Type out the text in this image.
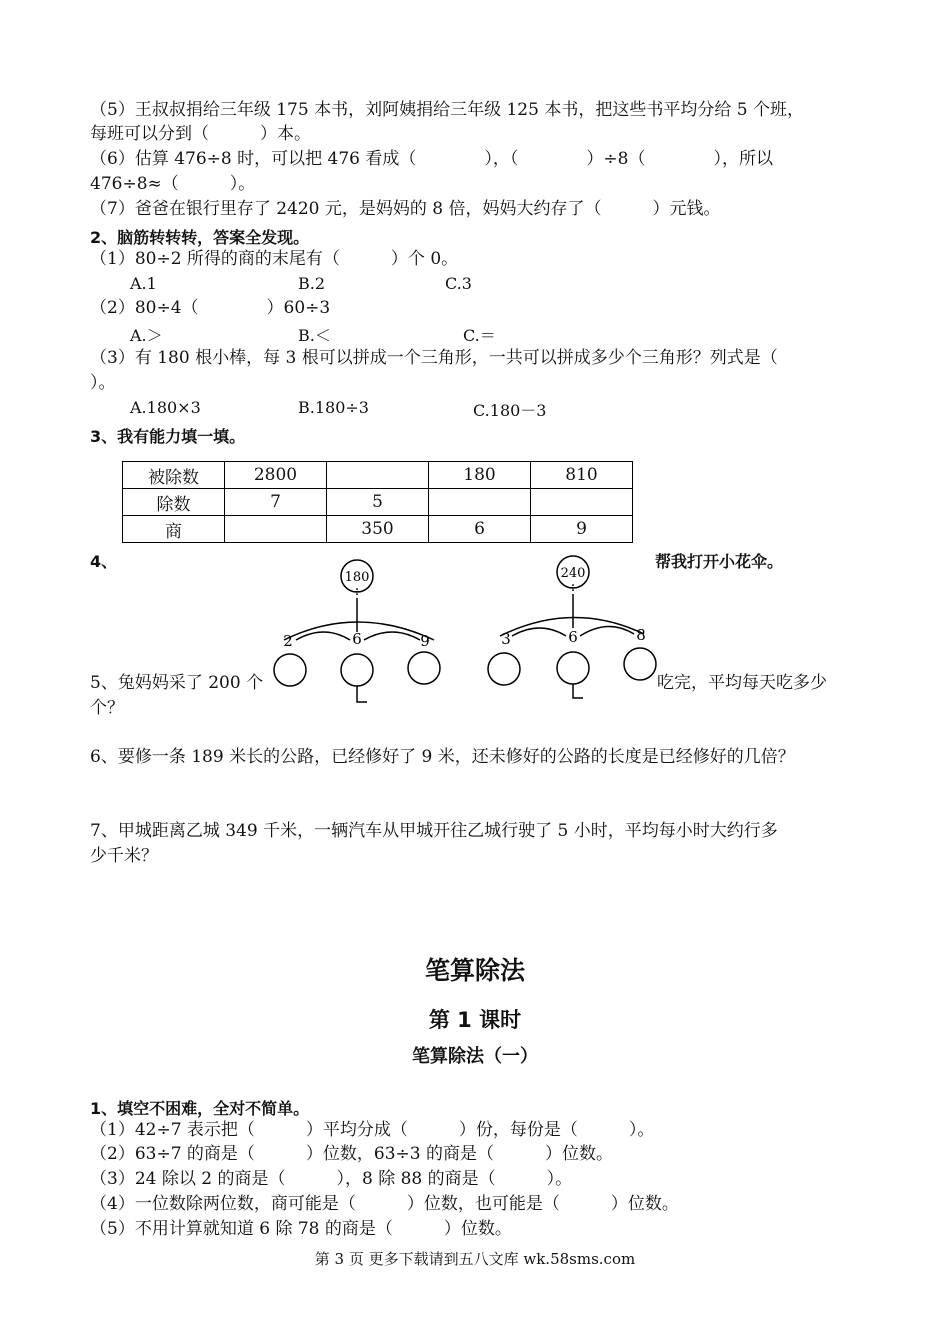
（5）王叔叔捐给三年级 175 本书，刘阿姨捐给三年级 125 本书，把这些书平均分给 5 个班，
每班可以分到（　　　）本。
（6）估算 476÷8 时，可以把 476 看成（　　　　），（　　　　）÷8（　　　　），所以
476÷8≈（　　　）。
（7）爸爸在银行里存了 2420 元，是妈妈的 8 倍，妈妈大约存了（　　　）元钱。
2、脑筋转转转，答案全发现。
（1）80÷2 所得的商的末尾有（　　　）个 0。
A.1	B.2	C.3
（2）80÷4（　　　　）60÷3
A.＞	B.＜	C.＝
（3）有 180 根小棒，每 3 根可以拼成一个三角形，一共可以拼成多少个三角形？列式是（
）。
A.180×3	B.180÷3	C.180－3
3、我有能力填一填。
被除数	2800		180	810
除数	7	5		
商		350	6	9
4、	帮我打开小花伞。
180
÷
2	6	9
240
÷
3	6	8
5、兔妈妈采了 200 个	吃完，平均每天吃多少
个？
6、要修一条 189 米长的公路，已经修好了 9 米，还未修好的公路的长度是已经修好的几倍？
7、甲城距离乙城 349 千米，一辆汽车从甲城开往乙城行驶了 5 小时，平均每小时大约行多
少千米？
笔算除法
第 1 课时
笔算除法（一）
1、填空不困难，全对不简单。
（1）42÷7 表示把（　　　）平均分成（　　　）份，每份是（　　　）。
（2）63÷7 的商是（　　　）位数，63÷3 的商是（　　　）位数。
（3）24 除以 2 的商是（　　　），8 除 88 的商是（　　　）。
（4）一位数除两位数，商可能是（　　　）位数，也可能是（　　　）位数。
（5）不用计算就知道 6 除 78 的商是（　　　）位数。
第 3 页 更多下载请到五八文库 wk.58sms.com
